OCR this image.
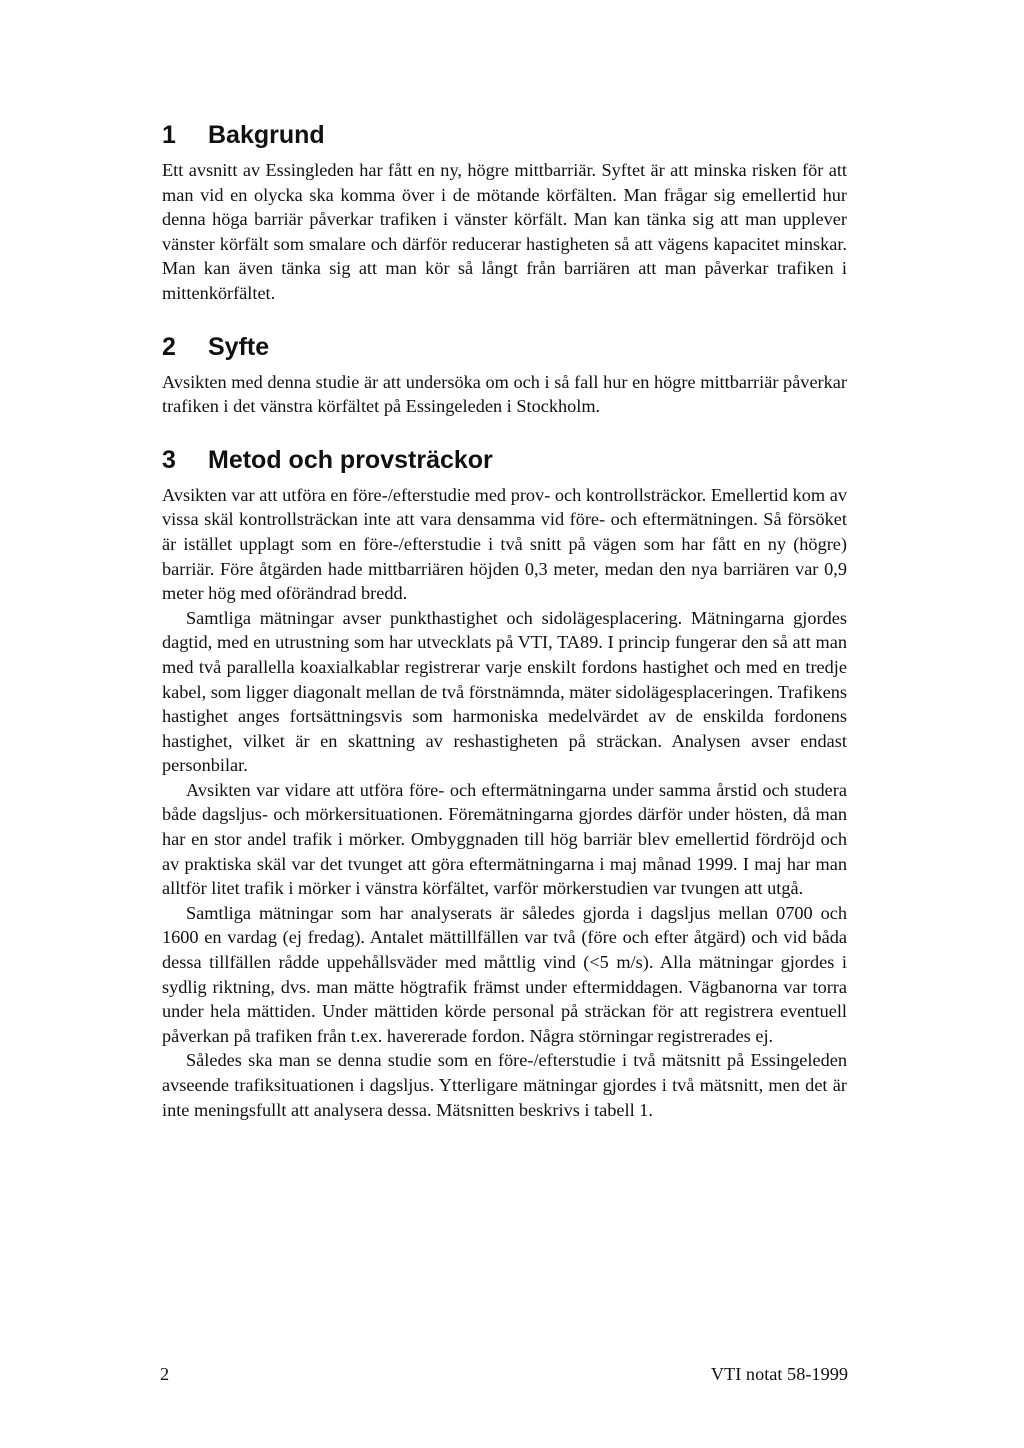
1	Bakgrund

Ett avsnitt av Essingleden har fått en ny, högre mittbarriär. Syftet är att minska risken för att man vid en olycka ska komma över i de mötande körfälten. Man frågar sig emellertid hur denna höga barriär påverkar trafiken i vänster körfält. Man kan tänka sig att man upplever vänster körfält som smalare och därför reducerar hastigheten så att vägens kapacitet minskar. Man kan även tänka sig att man kör så långt från barriären att man påverkar trafiken i mittenkörfältet.

2	Syfte

Avsikten med denna studie är att undersöka om och i så fall hur en högre mittbarriär påverkar trafiken i det vänstra körfältet på Essingeleden i Stockholm.

3	Metod och provsträckor

Avsikten var att utföra en före-/efterstudie med prov- och kontrollsträckor. Emellertid kom av vissa skäl kontrollsträckan inte att vara densamma vid före- och eftermätningen. Så försöket är istället upplagt som en före-/efterstudie i två snitt på vägen som har fått en ny (högre) barriär. Före åtgärden hade mittbarriären höjden 0,3 meter, medan den nya barriären var 0,9 meter hög med oförändrad bredd.

Samtliga mätningar avser punkthastighet och sidolägesplacering. Mätningarna gjordes dagtid, med en utrustning som har utvecklats på VTI, TA89. I princip fungerar den så att man med två parallella koaxialkablar registrerar varje enskilt fordons hastighet och med en tredje kabel, som ligger diagonalt mellan de två förstnämnda, mäter sidolägesplaceringen. Trafikens hastighet anges fortsättningsvis som harmoniska medelvärdet av de enskilda fordonens hastighet, vilket är en skattning av reshastigheten på sträckan. Analysen avser endast personbilar.

Avsikten var vidare att utföra före- och eftermätningarna under samma årstid och studera både dagsljus- och mörkersituationen. Föremätningarna gjordes därför under hösten, då man har en stor andel trafik i mörker. Ombyggnaden till hög barriär blev emellertid fördröjd och av praktiska skäl var det tvunget att göra eftermätningarna i maj månad 1999. I maj har man alltför litet trafik i mörker i vänstra körfältet, varför mörkerstudien var tvungen att utgå.

Samtliga mätningar som har analyserats är således gjorda i dagsljus mellan 0700 och 1600 en vardag (ej fredag). Antalet mättillfällen var två (före och efter åtgärd) och vid båda dessa tillfällen rådde uppehållsväder med måttlig vind (<5 m/s). Alla mätningar gjordes i sydlig riktning, dvs. man mätte högtrafik främst under eftermiddagen. Vägbanorna var torra under hela mättiden. Under mättiden körde personal på sträckan för att registrera eventuell påverkan på trafiken från t.ex. havererade fordon. Några störningar registrerades ej.

Således ska man se denna studie som en före-/efterstudie i två mätsnitt på Essingeleden avseende trafiksituationen i dagsljus. Ytterligare mätningar gjordes i två mätsnitt, men det är inte meningsfullt att analysera dessa. Mätsnitten beskrivs i tabell 1.

2	VTI notat 58-1999
